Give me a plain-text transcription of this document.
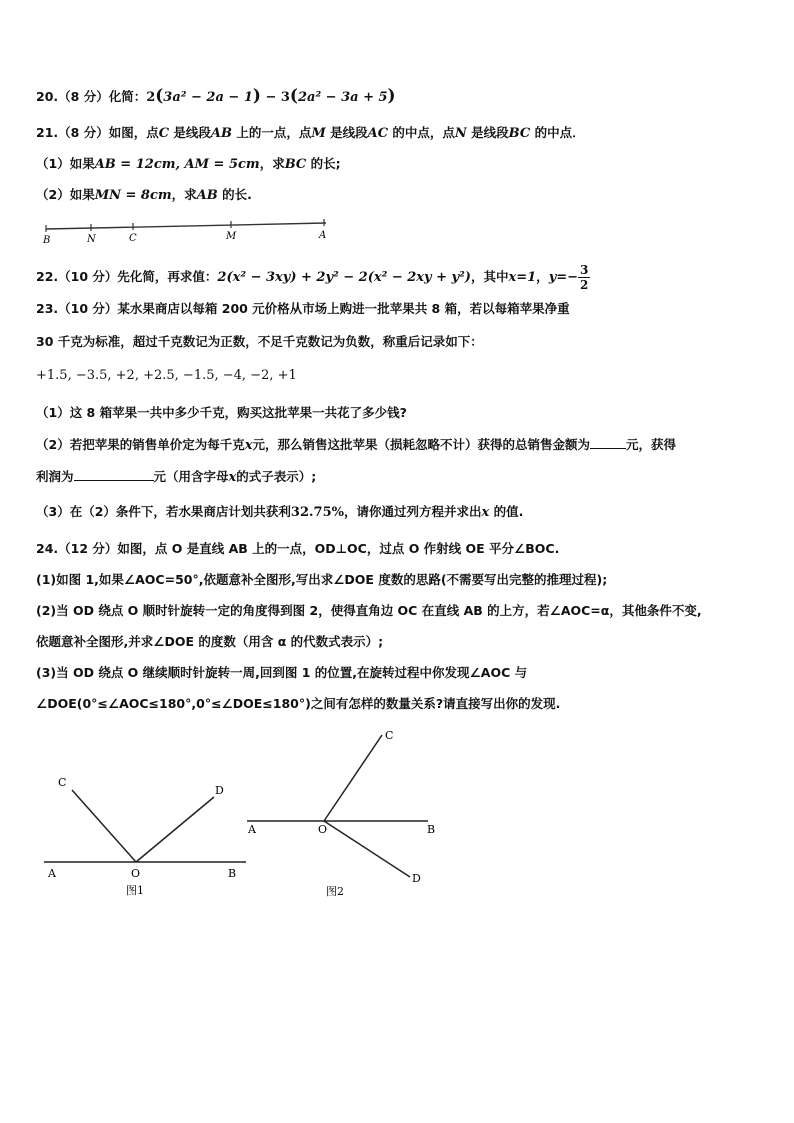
20.（8 分）化简：2(3a² − 2a − 1) − 3(2a² − 3a + 5)
21.（8 分）如图，点C 是线段AB 上的一点，点M 是线段AC 的中点，点N 是线段BC 的中点．
（1）如果AB = 12cm, AM = 5cm，求BC 的长;
（2）如果MN = 8cm，求AB 的长.
B	N	C	M	A
22.（10 分）先化简，再求值：2(x² − 3xy) + 2y² − 2(x² − 2xy + y²)，其中x=1，$y=- \frac{3}{2}$
23.（10 分）某水果商店以每箱 200 元价格从市场上购进一批苹果共 8 箱，若以每箱苹果净重
30 千克为标准，超过千克数记为正数，不足千克数记为负数，称重后记录如下：
+1.5, −3.5, +2, +2.5, −1.5, −4, −2, +1
（1）这 8 箱苹果一共中多少千克，购买这批苹果一共花了多少钱?
（2）若把苹果的销售单价定为每千克x元，那么销售这批苹果（损耗忽略不计）获得的总销售金额为	元，获得
利润为	元（用含字母x的式子表示）;
（3）在（2）条件下，若水果商店计划共获利32.75%，请你通过列方程并求出x 的值.
24.（12 分）如图，点 O 是直线 AB 上的一点，OD⊥OC，过点 O 作射线 OE 平分∠BOC.
(1)如图 1,如果∠AOC=50°,依题意补全图形,写出求∠DOE 度数的思路(不需要写出完整的推理过程);
(2)当 OD 绕点 O 顺时针旋转一定的角度得到图 2，使得直角边 OC 在直线 AB 的上方，若∠AOC=α，其他条件不变,
依题意补全图形,并求∠DOE 的度数（用含 α 的代数式表示）;
(3)当 OD 绕点 O 继续顺时针旋转一周,回到图 1 的位置,在旋转过程中你发现∠AOC 与
∠DOE(0°≤∠AOC≤180°,0°≤∠DOE≤180°)之间有怎样的数量关系?请直接写出你的发现.
C
D
A	O	B
图1
C
A	O	B
D
图2
